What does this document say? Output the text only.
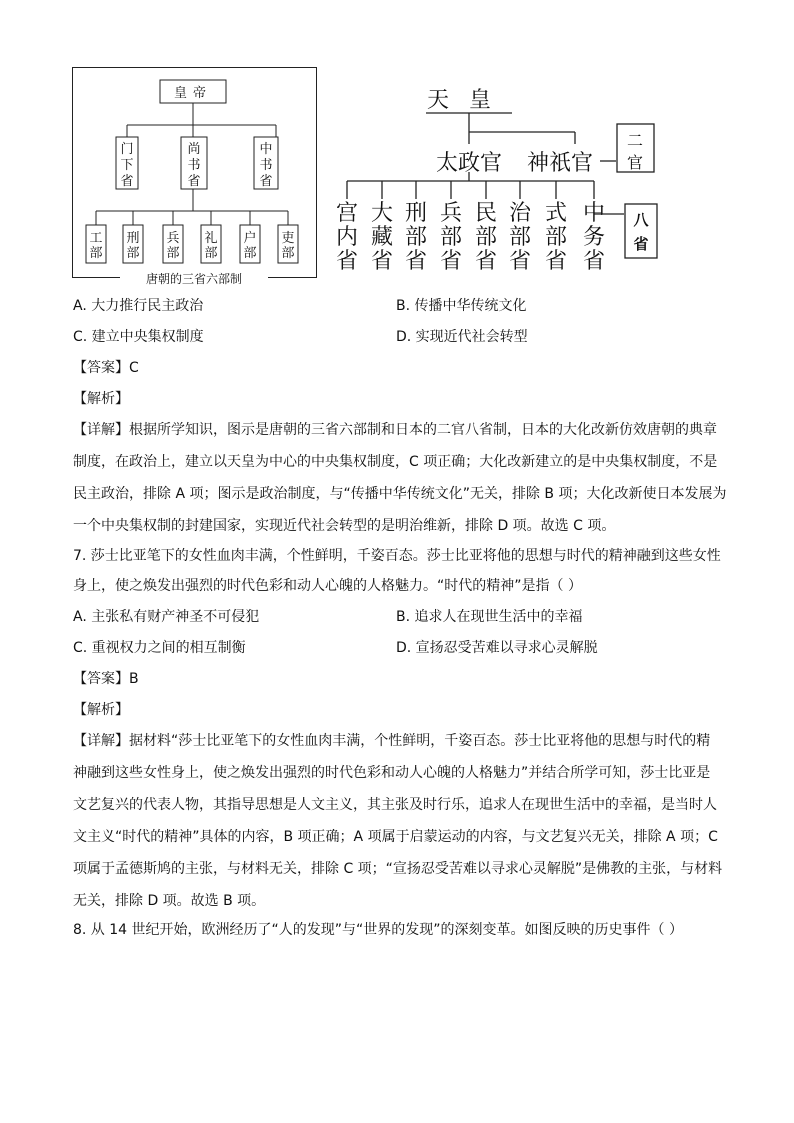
皇帝
门
下
省
尚
书
省
中
书
省
工
部
刑
部
兵
部
礼
部
户
部
吏
部
唐朝的三省六部制
天皇
太政官 神祇官
二
官
八
省
宫
内
省
大
藏
省
刑
部
省
兵
部
省
民
部
省
治
部
省
式
部
省
中
务
省
A. 大力推行民主政治	B. 传播中华传统文化
C. 建立中央集权制度	D. 实现近代社会转型
【答案】C
【解析】
【详解】根据所学知识，图示是唐朝的三省六部制和日本的二官八省制，日本的大化改新仿效唐朝的典章
制度，在政治上，建立以天皇为中心的中央集权制度，C 项正确；大化改新建立的是中央集权制度，不是
民主政治，排除 A 项；图示是政治制度，与“传播中华传统文化”无关，排除 B 项；大化改新使日本发展为
一个中央集权制的封建国家，实现近代社会转型的是明治维新，排除 D 项。故选 C 项。
7. 莎士比亚笔下的女性血肉丰满，个性鲜明，千姿百态。莎士比亚将他的思想与时代的精神融到这些女性
身上，使之焕发出强烈的时代色彩和动人心魄的人格魅力。“时代的精神”是指（ ）
A. 主张私有财产神圣不可侵犯	B. 追求人在现世生活中的幸福
C. 重视权力之间的相互制衡	D. 宣扬忍受苦难以寻求心灵解脱
【答案】B
【解析】
【详解】据材料“莎士比亚笔下的女性血肉丰满，个性鲜明，千姿百态。莎士比亚将他的思想与时代的精
神融到这些女性身上，使之焕发出强烈的时代色彩和动人心魄的人格魅力”并结合所学可知，莎士比亚是
文艺复兴的代表人物，其指导思想是人文主义，其主张及时行乐，追求人在现世生活中的幸福，是当时人
文主义“时代的精神”具体的内容，B 项正确；A 项属于启蒙运动的内容，与文艺复兴无关，排除 A 项；C
项属于孟德斯鸠的主张，与材料无关，排除 C 项；“宣扬忍受苦难以寻求心灵解脱”是佛教的主张，与材料
无关，排除 D 项。故选 B 项。
8. 从 14 世纪开始，欧洲经历了“人的发现”与“世界的发现”的深刻变革。如图反映的历史事件（ ）
